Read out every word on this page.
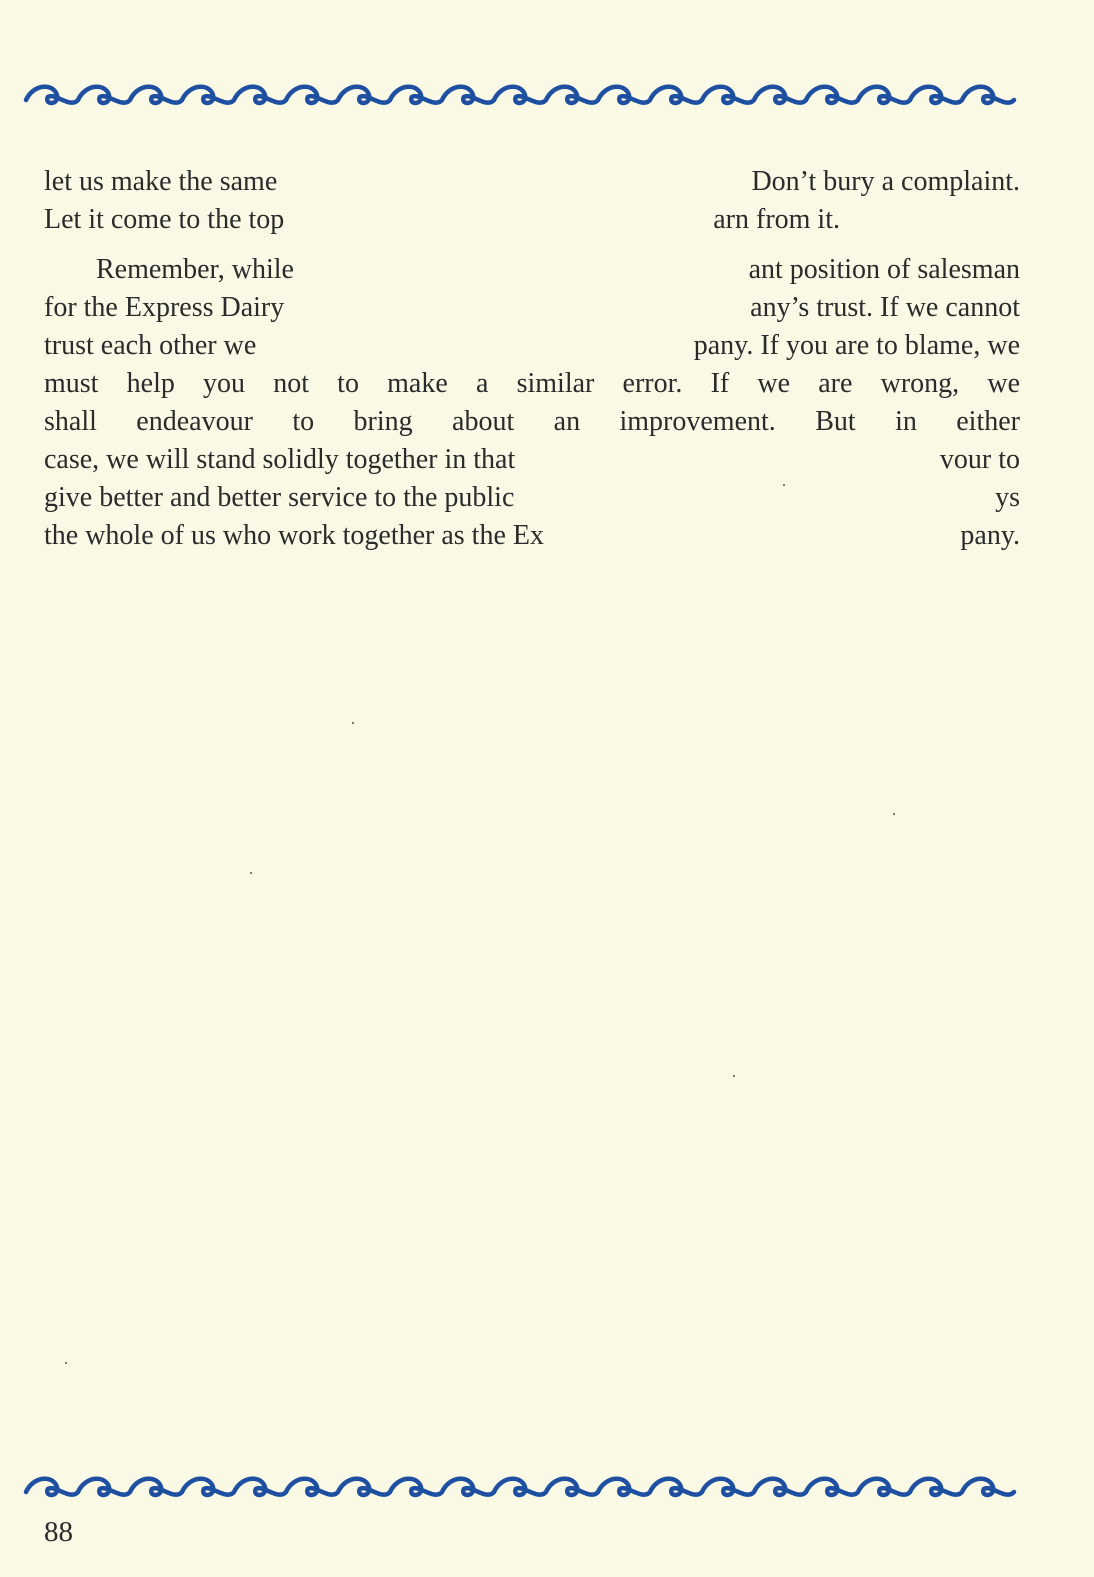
let us make the same	Don’t bury a complaint.
Let it come to the top	arn from it.
Remember, while	ant position of salesman
for the Express Dairy	any’s trust. If we cannot
trust each other we	pany. If you are to blame, we
must help you not to make a similar error. If we are wrong, we
shall endeavour to bring about an improvement. But in either
case, we will stand solidly together in that	vour to
give better and better service to the public	ys
the whole of us who work together as the Ex	pany.
88
